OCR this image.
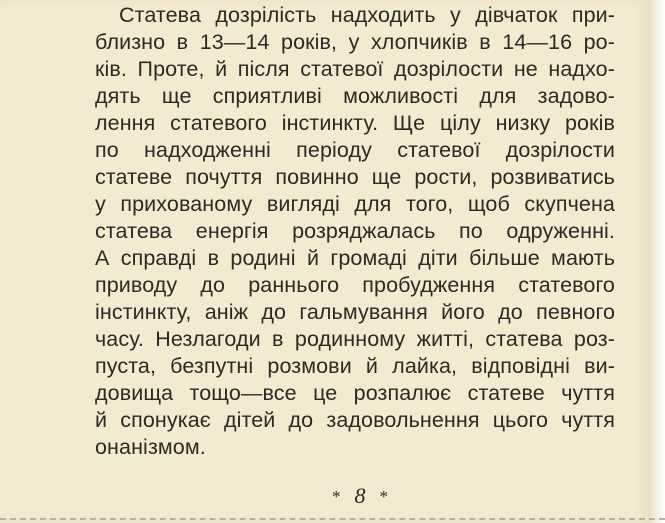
Статева дозрілість надходить у дівчаток при-
близно в 13—14 років, у хлопчиків в 14—16 ро-
ків. Проте, й після статевої дозрілости не надхо-
дять ще сприятливі можливості для задово-
лення статевого інстинкту. Ще цілу низку років
по надходженні періоду статевої дозрілости
статеве почуття повинно ще рости, розвиватись
у прихованому вигляді для того, щоб скупчена
статева енергія розряджалась по одруженні.
А справді в родині й громаді діти більше мають
приводу до раннього пробудження статевого
інстинкту, аніж до гальмування його до певного
часу. Незлагоди в родинному житті, статева роз-
пуста, безпутні розмови й лайка, відповідні ви-
довища тощо—все це розпалює статеве чуття
й спонукає дітей до задовольнення цього чуття
онанізмом.
* 8 *
